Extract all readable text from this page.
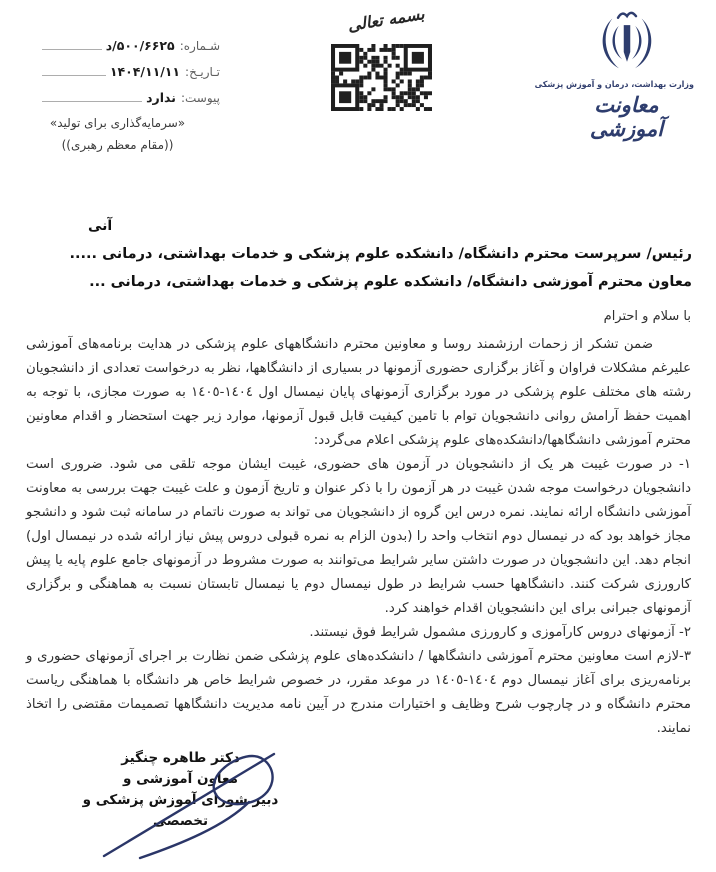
شـماره:
۵۰۰/۶۶۲۵/د
تـاریـخ:
۱۴۰۴/۱۱/۱۱
پیوست:
ندارد
«سرمایه‌گذاری برای تولید»
((مقام معظم رهبری))
بسمه تعالی
وزارت بهداشت، درمان و آموزش پزشکی
معاونت آموزشی
آنی
رئیس/ سرپرست محترم دانشگاه/ دانشکده علوم پزشکی و خدمات بهداشتی، درمانی .....
معاون محترم آموزشی دانشگاه/ دانشکده علوم پزشکی و خدمات بهداشتی، درمانی ...
با سلام و احترام

ضمن تشکر از زحمات ارزشمند روسا و معاونین محترم دانشگاههای علوم پزشکی در هدایت برنامه‌های آموزشی علیرغم مشکلات فراوان و آغاز برگزاری حضوری آزمونها در بسیاری از دانشگاهها، نظر به درخواست تعدادی از دانشجویان رشته های مختلف علوم پزشکی در مورد برگزاری آزمونهای پایان نیمسال اول ١٤٠٤-١٤٠٥ به صورت مجازی، با توجه به اهمیت حفظ آرامش روانی دانشجویان توام با تامین کیفیت قابل قبول آزمونها، موارد زیر جهت استحضار و اقدام معاونین محترم آموزشی دانشگاهها/دانشکده‌های علوم پزشکی اعلام می‌گردد:

۱- در صورت غیبت هر یک از دانشجویان در آزمون های حضوری، غیبت ایشان موجه تلقی می شود. ضروری است دانشجویان درخواست موجه شدن غیبت در هر آزمون را با ذکر عنوان و تاریخ آزمون و علت غیبت جهت بررسی به معاونت آموزشی دانشگاه ارائه نمایند. نمره درس این گروه از دانشجویان می تواند به صورت ناتمام در سامانه ثبت شود و دانشجو مجاز خواهد بود که در نیمسال دوم انتخاب واحد را (بدون الزام به نمره قبولی دروس پیش نیاز ارائه شده در نیمسال اول) انجام دهد. این دانشجویان در صورت داشتن سایر شرایط می‌توانند به صورت مشروط در آزمونهای جامع علوم پایه یا پیش کارورزی شرکت کنند. دانشگاهها حسب شرایط در طول نیمسال دوم یا نیمسال تابستان نسبت به هماهنگی و برگزاری آزمونهای جبرانی برای این دانشجویان اقدام خواهند کرد.

۲- آزمونهای دروس کارآموزی و کارورزی مشمول شرایط فوق نیستند.

۳-لازم است معاونین محترم آموزشی دانشگاهها / دانشکده‌های علوم پزشکی ضمن نظارت بر اجرای آزمونهای حضوری و برنامه‌ریزی برای آغاز نیمسال دوم ١٤٠٤-١٤٠٥ در موعد مقرر، در خصوص شرایط خاص هر دانشگاه با هماهنگی ریاست محترم دانشگاه و در چارچوب شرح وظایف و اختیارات مندرج در آیین نامه مدیریت دانشگاهها تصمیمات مقتضی را اتخاذ نمایند.

دکتر طاهره چنگیز
معاون آموزشی و
دبیر شورای آموزش پزشکی و تخصصی
